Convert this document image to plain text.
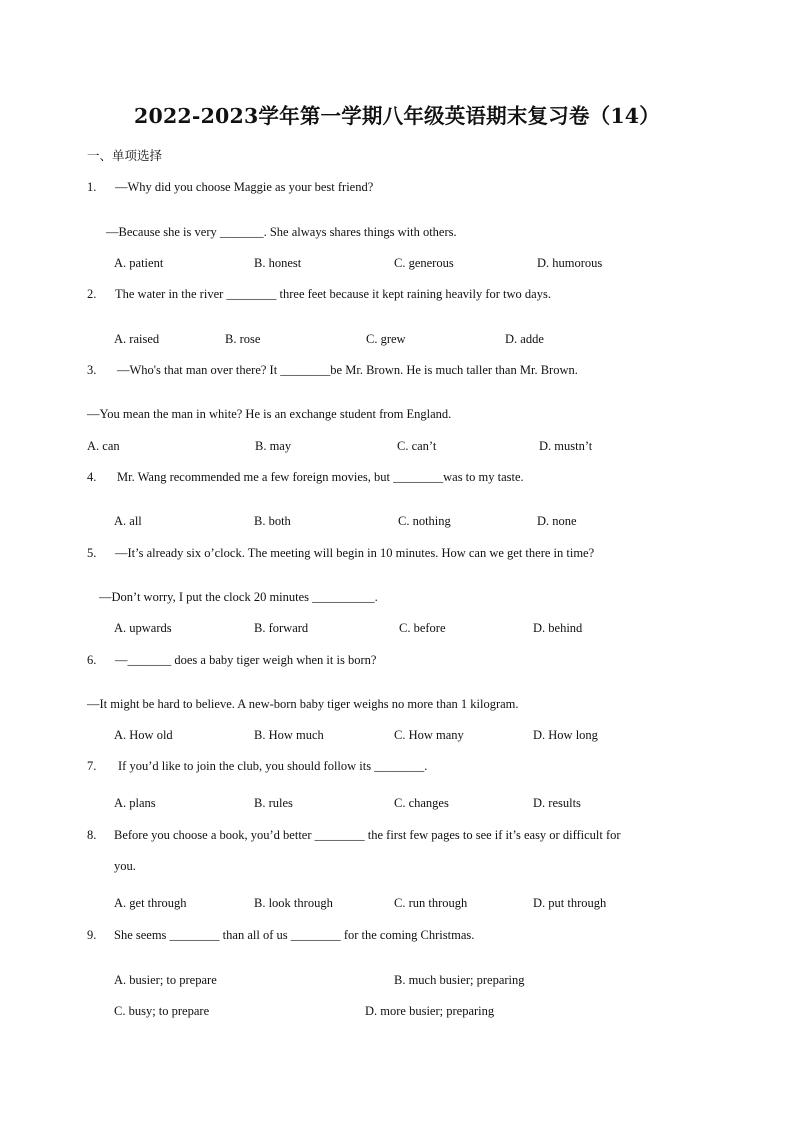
2022-2023学年第一学期八年级英语期末复习卷（14）
一、单项选择
1. —Why did you choose Maggie as your best friend?
—Because she is very _______. She always shares things with others.
A. patient	B. honest	C. generous	D. humorous
2. The water in the river ________ three feet because it kept raining heavily for two days.
A. raised	B. rose	C. grew	D. adde
3. —Who's that man over there? It ________be Mr. Brown. He is much taller than Mr. Brown.
—You mean the man in white? He is an exchange student from England.
A. can	B. may	C. can’t	D. mustn’t
4. Mr. Wang recommended me a few foreign movies, but ________was to my taste.
A. all	B. both	C. nothing	D. none
5. —It’s already six o’clock. The meeting will begin in 10 minutes. How can we get there in time?
—Don’t worry, I put the clock 20 minutes __________.
A. upwards	B. forward	C. before	D. behind
6. —_______ does a baby tiger weigh when it is born?
—It might be hard to believe. A new-born baby tiger weighs no more than 1 kilogram.
A. How old	B. How much	C. How many	D. How long
7. If you’d like to join the club, you should follow its ________.
A. plans	B. rules	C. changes	D. results
8. Before you choose a book, you’d better ________ the first few pages to see if it’s easy or difficult for
you.
A. get through	B. look through	C. run through	D. put through
9. She seems ________ than all of us ________ for the coming Christmas.
A. busier; to prepare	B. much busier; preparing
C. busy; to prepare	D. more busier; preparing
